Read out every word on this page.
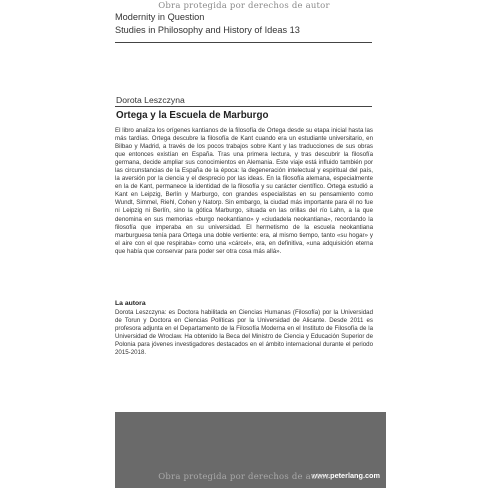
Obra protegida por derechos de autor
Modernity in Question
Studies in Philosophy and History of Ideas 13
Dorota Leszczyna
Ortega y la Escuela de Marburgo

El libro analiza los orígenes kantianos de la filosofía de Ortega desde su etapa inicial hasta las más tardías. Ortega descubre la filosofía de Kant cuando era un estudiante universitario, en Bilbao y Madrid, a través de los pocos trabajos sobre Kant y las traducciones de sus obras que entonces existían en España. Tras una primera lectura, y tras descubrir la filosofía germana, decide ampliar sus conocimientos en Alemania. Este viaje está influido también por las circunstancias de la España de la época: la degeneración intelectual y espiritual del país, la aversión por la ciencia y el desprecio por las ideas. En la filosofía alemana, especialmente en la de Kant, permanece la identidad de la filosofía y su carácter científico. Ortega estudió a Kant en Leipzig, Berlín y Marburgo, con grandes especialistas en su pensamiento como Wundt, Simmel, Riehl, Cohen y Natorp. Sin embargo, la ciudad más importante para él no fue ni Leipzig ni Berlín, sino la gótica Marburgo, situada en las orillas del río Lahn, a la que denomina en sus memorias «burgo neokantiano» y «ciudadela neokantiana», recordando la filosofía que imperaba en su universidad. El hermetismo de la escuela neokantiana marburguesa tenía para Ortega una doble vertiente: era, al mismo tiempo, tanto «su hogar» y el aire con el que respiraba» como una «cárcel», era, en definitiva, «una adquisición eterna que había que conservar para poder ser otra cosa más allá».

La autora

Dorota Leszczyna: es Doctora habilitada en Ciencias Humanas (Filosofía) por la Universidad de Torun y Doctora en Ciencias Políticas por la Universidad de Alicante. Desde 2011 es profesora adjunta en el Departamento de la Filosofía Moderna en el Instituto de Filosofía de la Universidad de Wroclaw. Ha obtenido la Beca del Ministro de Ciencia y Educación Superior de Polonia para jóvenes investigadores destacados en el ámbito internacional durante el periodo 2015-2018.

www.peterlang.com
Obra protegida por derechos de autor
